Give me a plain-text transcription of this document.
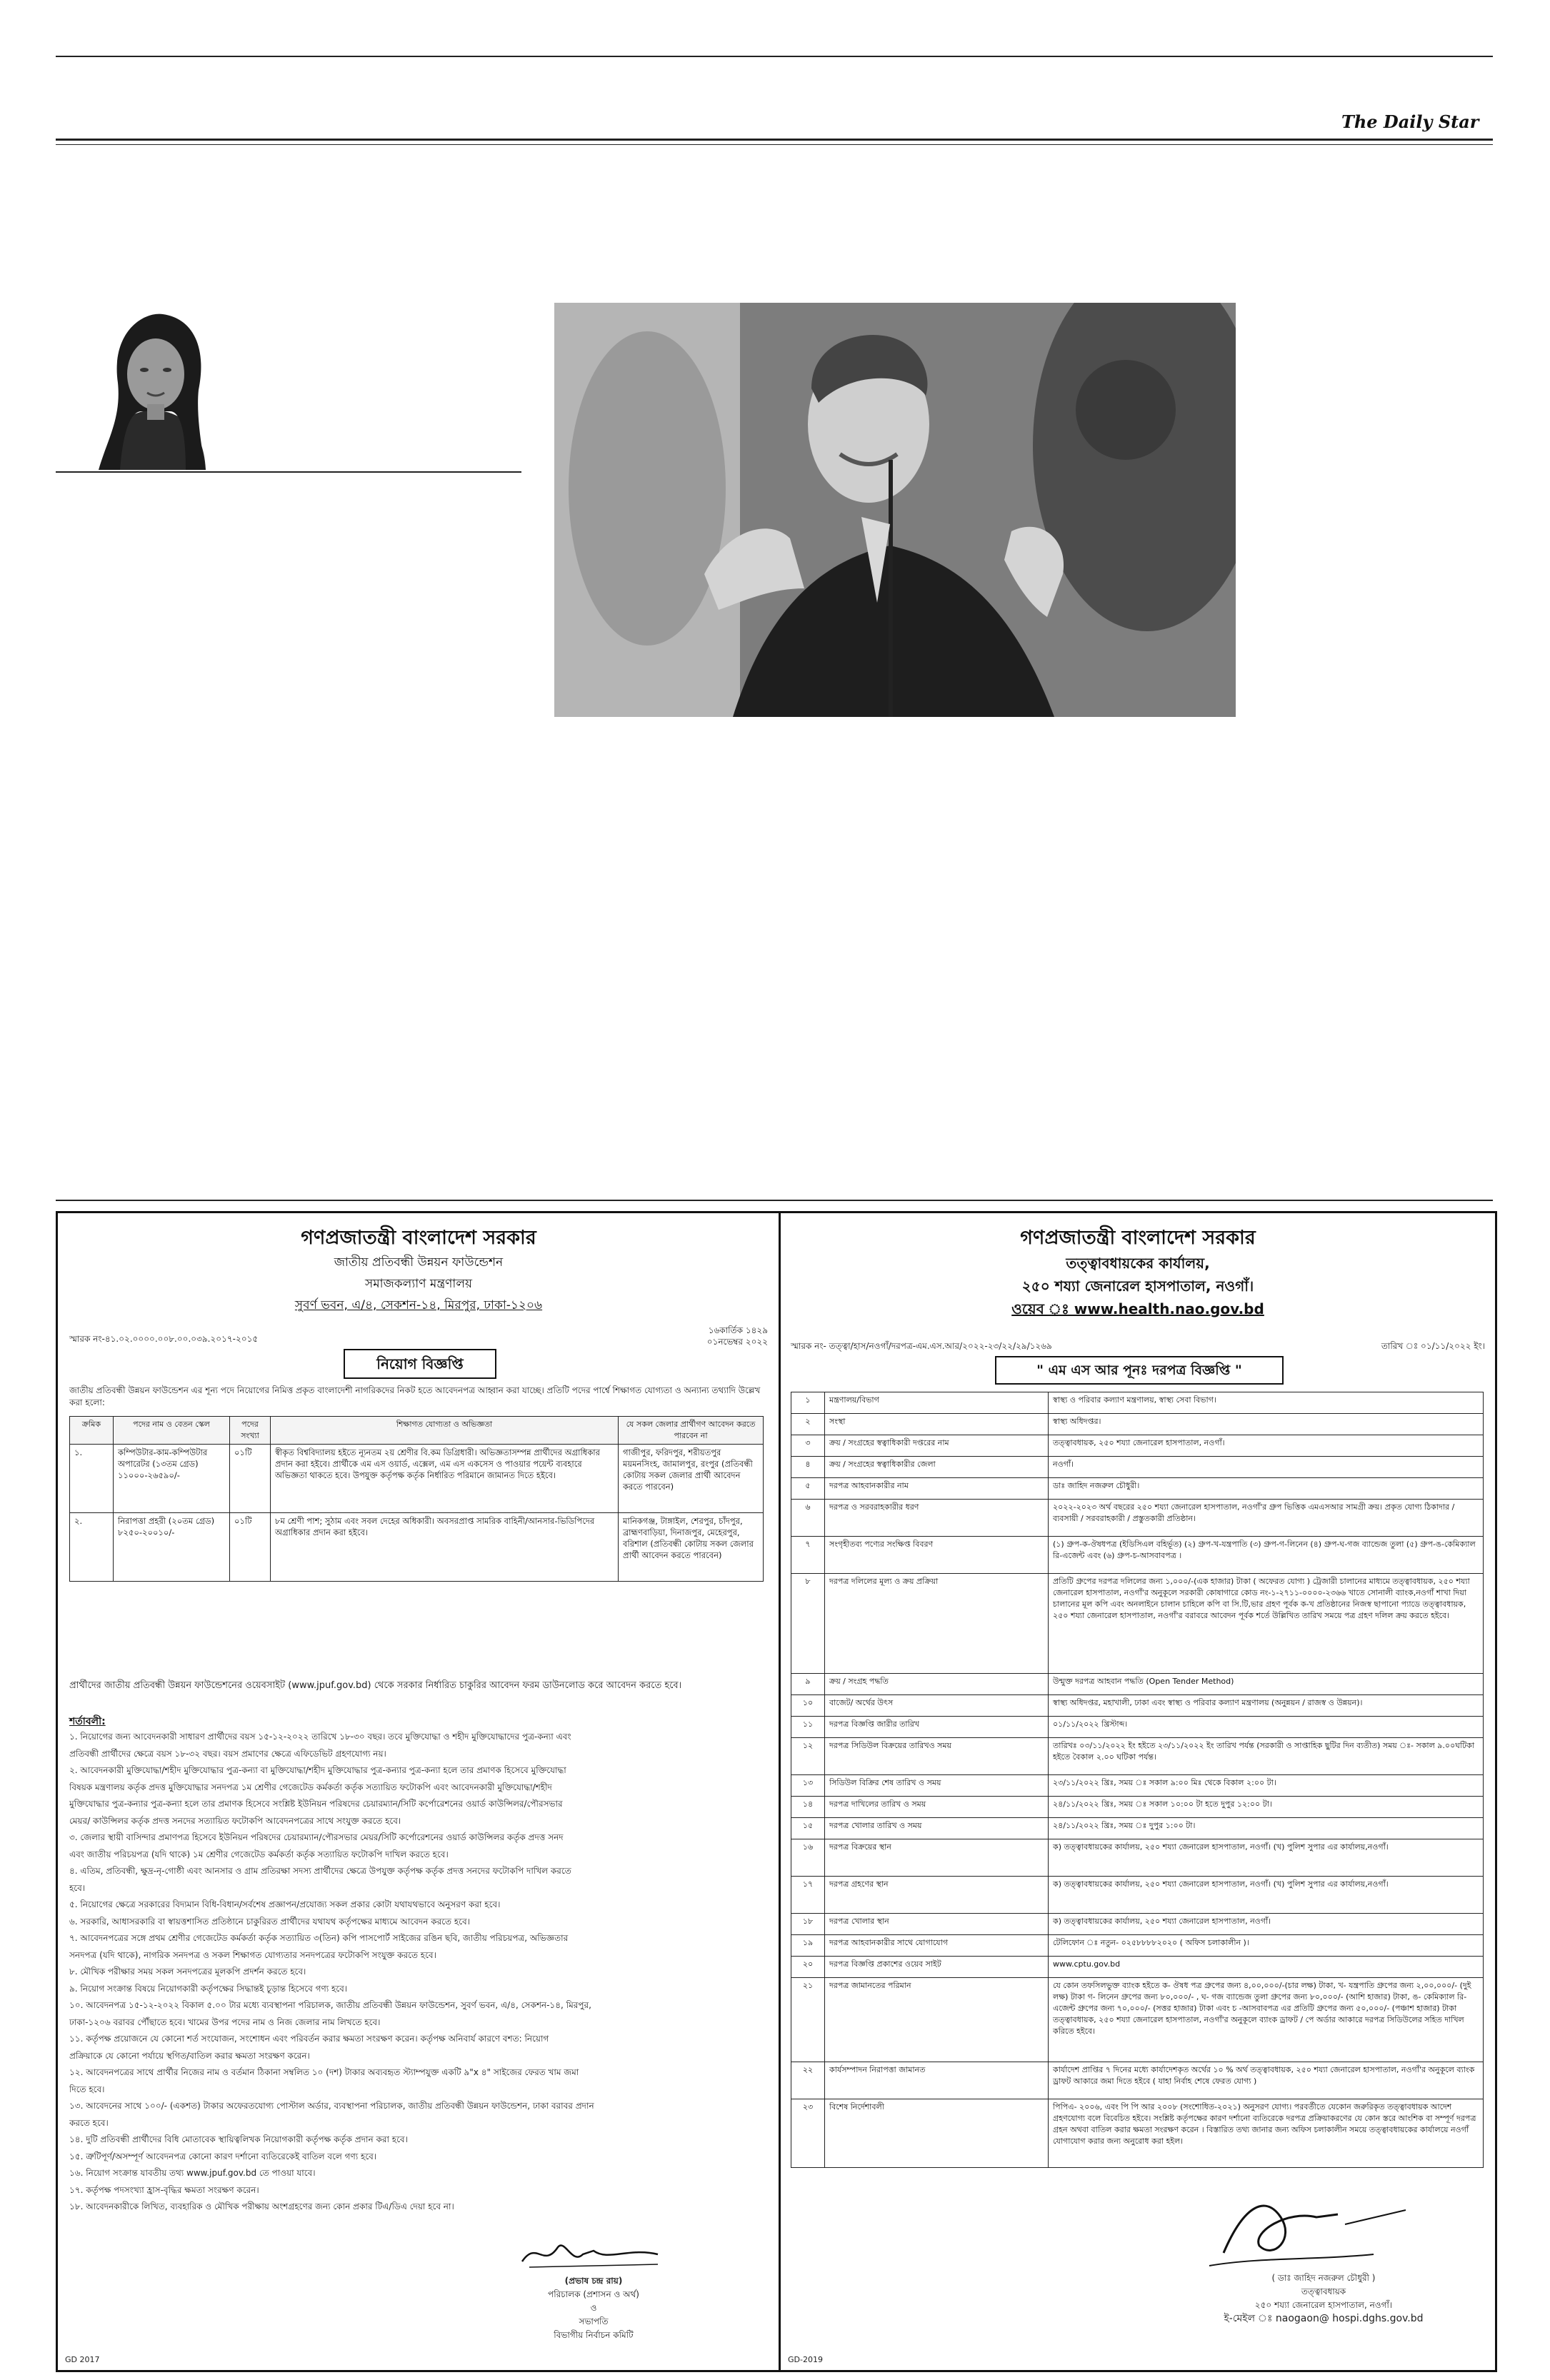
The Daily Star
গণপ্রজাতন্ত্রী বাংলাদেশ সরকার
জাতীয় প্রতিবন্ধী উন্নয়ন ফাউন্ডেশন
সমাজকল্যাণ মন্ত্রণালয়
সুবর্ণ ভবন, এ/৪, সেকশন-১৪, মিরপুর, ঢাকা-১২০৬
স্মারক নং-৪১.০২.০০০০.০০৮.০০.০৩৯.২০১৭-২০১৫
১৬কার্তিক ১৪২৯
০১নভেম্বর ২০২২
নিয়োগ বিজ্ঞপ্তি
জাতীয় প্রতিবন্ধী উন্নয়ন ফাউন্ডেশন এর শূন্য পদে নিয়োগের নিমিত্ত প্রকৃত বাংলাদেশী নাগরিকদের নিকট হতে আবেদনপত্র আহ্বান করা যাচ্ছে। প্রতিটি পদের পার্শ্বে শিক্ষাগত যোগ্যতা ও অন্যান্য তথ্যাদি উল্লেখ করা হলো:
ক্রমিক	পদের নাম ও বেতন স্কেল	পদের সংখ্যা	শিক্ষাগত যোগ্যতা ও অভিজ্ঞতা	যে সকল জেলার প্রার্থীগণ আবেদন করতে পারবেন না
১.	কম্পিউটার-কাম-কম্পিউটার অপারেটর (১৩তম গ্রেড) ১১০০০-২৬৫৯০/-	০১টি	স্বীকৃত বিশ্ববিদ্যালয় হইতে ন্যূনতম ২য় শ্রেণীর বি.কম ডিগ্রিধারী। অভিজ্ঞতাসম্পন্ন প্রার্থীদের অগ্রাধিকার প্রদান করা হইবে। প্রার্থীকে এম এস ওয়ার্ড, এক্সেল, এম এস একসেস ও পাওয়ার পয়েন্ট ব্যবহারে অভিজ্ঞতা থাকতে হবে। উপযুক্ত কর্তৃপক্ষ কর্তৃক নির্ধারিত পরিমানে জামানত দিতে হইবে।	গাজীপুর, ফরিদপুর, শরীয়তপুর ময়মনসিংহ, জামালপুর, রংপুর (প্রতিবন্ধী কোটায় সকল জেলার প্রার্থী আবেদন করতে পারবেন)
২.	নিরাপত্তা প্রহরী (২০তম গ্রেড) ৮২৫০-২০০১০/-	০১টি	৮ম শ্রেণী পাশ; সুঠাম এবং সবল দেহের অধিকারী। অবসরপ্রাপ্ত সামরিক বাহিনী/আনসার-ভিডিপিদের অগ্রাধিকার প্রদান করা হইবে।	মানিকগঞ্জ, টাঙ্গাইল, শেরপুর, চাঁদপুর, ব্রাহ্মণবাড়িয়া, দিনাজপুর, মেহেরপুর, বরিশাল (প্রতিবন্ধী কোটায় সকল জেলার প্রার্থী আবেদন করতে পারবেন)
প্রার্থীদের জাতীয় প্রতিবন্ধী উন্নয়ন ফাউন্ডেশনের ওয়েবসাইট (www.jpuf.gov.bd) থেকে সরকার নির্ধারিত চাকুরির আবেদন ফরম ডাউনলোড করে আবেদন করতে হবে।
শর্তাবলী:
১. নিয়োগের জন্য আবেদনকারী সাধারণ প্রার্থীদের বয়স ১৫-১২-২০২২ তারিখে ১৮-৩০ বছর। তবে মুক্তিযোদ্ধা ও শহীদ মুক্তিযোদ্ধাদের পুত্র-কন্যা এবং
প্রতিবন্ধী প্রার্থীদের ক্ষেত্রে বয়স ১৮-৩২ বছর। বয়স প্রমাণের ক্ষেত্রে এফিডেভিট গ্রহণযোগ্য নয়।
২. আবেদনকারী মুক্তিযোদ্ধা/শহীদ মুক্তিযোদ্ধার পুত্র-কন্যা বা মুক্তিযোদ্ধা/শহীদ মুক্তিযোদ্ধার পুত্র-কন্যার পুত্র-কন্যা হলে তার প্রমাণক হিসেবে মুক্তিযোদ্ধা
বিষয়ক মন্ত্রণালয় কর্তৃক প্রদত্ত মুক্তিযোদ্ধার সনদপত্র ১ম শ্রেণীর গেজেটেড কর্মকর্তা কর্তৃক সত্যায়িত ফটোকপি এবং আবেদনকারী মুক্তিযোদ্ধা/শহীদ
মুক্তিযোদ্ধার পুত্র-কন্যার পুত্র-কন্যা হলে তার প্রমাণক হিসেবে সংশ্লিষ্ট ইউনিয়ন পরিষদের চেয়ারম্যান/সিটি কর্পোরেশনের ওয়ার্ড কাউন্সিলর/পৌরসভার
মেয়র/ কাউন্সিলর কর্তৃক প্রদত্ত সনদের সত্যায়িত ফটোকপি আবেদনপত্রের সাথে সংযুক্ত করতে হবে।
৩. জেলার স্থায়ী বাসিন্দার প্রমাণপত্র হিসেবে ইউনিয়ন পরিষদের চেয়ারম্যান/পৌরসভার মেয়র/সিটি কর্পোরেশনের ওয়ার্ড কাউন্সিলর কর্তৃক প্রদত্ত সনদ
এবং জাতীয় পরিচয়পত্র (যদি থাকে) ১ম শ্রেণীর গেজেটেড কর্মকর্তা কর্তৃক সত্যায়িত ফটোকপি দাখিল করতে হবে।
৪. এতিম, প্রতিবন্ধী, ক্ষুদ্র-নৃ-গোষ্ঠী এবং আনসার ও গ্রাম প্রতিরক্ষা সদস্য প্রার্থীদের ক্ষেত্রে উপযুক্ত কর্তৃপক্ষ কর্তৃক প্রদত্ত সনদের ফটোকপি দাখিল করতে
হবে।
৫. নিয়োগের ক্ষেত্রে সরকারের বিদ্যমান বিধি-বিধান/সর্বশেষ প্রজ্ঞাপন/প্রযোজ্য সকল প্রকার কোটা যথাযথভাবে অনুসরণ করা হবে।
৬. সরকারি, আধাসরকারি বা স্বায়ত্তশাসিত প্রতিষ্ঠানে চাকুরিরত প্রার্থীদের যথাযথ কর্তৃপক্ষের মাধ্যমে আবেদন করতে হবে।
৭. আবেদনপত্রের সঙ্গে প্রথম শ্রেণীর গেজেটেড কর্মকর্তা কর্তৃক সত্যায়িত ৩(তিন) কপি পাসপোর্ট সাইজের রঙিন ছবি, জাতীয় পরিচয়পত্র, অভিজ্ঞতার
সনদপত্র (যদি থাকে), নাগরিক সনদপত্র ও সকল শিক্ষাগত যোগ্যতার সনদপত্রের ফটোকপি সংযুক্ত করতে হবে।
৮. মৌখিক পরীক্ষার সময় সকল সনদপত্রের মূলকপি প্রদর্শন করতে হবে।
৯. নিয়োগ সংক্রান্ত বিষয়ে নিয়োগকারী কর্তৃপক্ষের সিদ্ধান্তই চূড়ান্ত হিসেবে গণ্য হবে।
১০. আবেদনপত্র ১৫-১২-২০২২ বিকাল ৫.০০ টার মধ্যে ব্যবস্থাপনা পরিচালক, জাতীয় প্রতিবন্ধী উন্নয়ন ফাউন্ডেশন, সুবর্ণ ভবন, এ/৪, সেকশন-১৪, মিরপুর,
ঢাকা-১২০৬ বরাবর পৌঁছাতে হবে। খামের উপর পদের নাম ও নিজ জেলার নাম লিখতে হবে।
১১. কর্তৃপক্ষ প্রয়োজনে যে কোনো শর্ত সংযোজন, সংশোধন এবং পরিবর্তন করার ক্ষমতা সংরক্ষণ করেন। কর্তৃপক্ষ অনিবার্য কারণে বশত: নিয়োগ
প্রক্রিয়াকে যে কোনো পর্যায়ে স্থগিত/বাতিল করার ক্ষমতা সংরক্ষণ করেন।
১২. আবেদনপত্রের সাথে প্রার্থীর নিজের নাম ও বর্তমান ঠিকানা সম্বলিত ১০ (দশ) টাকার অব্যবহৃত স্ট্যাম্পযুক্ত একটি ৯"x ৪" সাইজের ফেরত খাম জমা
দিতে হবে।
১৩. আবেদনের সাথে ১০০/- (একশত) টাকার অফেরতযোগ্য পোস্টাল অর্ডার, ব্যবস্থাপনা পরিচালক, জাতীয় প্রতিবন্ধী উন্নয়ন ফাউন্ডেশন, ঢাকা বরাবর প্রদান
করতে হবে।
১৪. দুটি প্রতিবন্ধী প্রার্থীদের বিধি মোতাবেক স্থায়িত্বলিখক নিয়োগকারী কর্তৃপক্ষ কর্তৃক প্রদান করা হবে।
১৫. ত্রুটিপূর্ণ/অসম্পূর্ণ আবেদনপত্র কোনো কারণ দর্শানো ব্যতিরেকেই বাতিল বলে গণ্য হবে।
১৬. নিয়োগ সংক্রান্ত যাবতীয় তথ্য www.jpuf.gov.bd তে পাওয়া যাবে।
১৭. কর্তৃপক্ষ পদসংখ্যা হ্রাস-বৃদ্ধির ক্ষমতা সংরক্ষণ করেন।
১৮. আবেদনকারীকে লিখিত, ব্যবহারিক ও মৌখিক পরীক্ষায় অংশগ্রহণের জন্য কোন প্রকার টিএ/ডিএ দেয়া হবে না।
(প্রভাষ চন্দ্র রায়)
পরিচালক (প্রশাসন ও অর্থ)
ও
সভাপতি
বিভাগীয় নির্বাচন কমিটি
GD 2017
গণপ্রজাতন্ত্রী বাংলাদেশ সরকার
তত্ত্বাবধায়কের কার্যালয়,
২৫০ শয্যা জেনারেল হাসপাতাল, নওগাঁ।
ওয়েব ঃ www.health.nao.gov.bd
স্মারক নং- তত্ত্বা/হাস/নওগাঁ/দরপত্র-এম.এস.আর/২০২২-২৩/২২/২৯/১২৬৯	তারিখ ঃ ০১/১১/২০২২ ইং।
" এম এস আর পূনঃ দরপত্র বিজ্ঞপ্তি "
১	মন্ত্রণালয়/বিভাগ	স্বাস্থ্য ও পরিবার কল্যাণ মন্ত্রণালয়, স্বাস্থ্য সেবা বিভাগ।
২	সংস্থা	স্বাস্থ্য অধিদপ্তর।
৩	ক্রয় / সংগ্রহের স্বত্বাধিকারী দপ্তরের নাম	তত্ত্বাবধায়ক, ২৫০ শয্যা জেনারেল হাসপাতাল, নওগাঁ।
৪	ক্রয় / সংগ্রহের স্বত্বাধিকারীর জেলা	নওগাঁ।
৫	দরপত্র আহবানকারীর নাম	ডাঃ জাহিদ নজরুল চৌধুরী।
৬	দরপত্র ও সরবরাহকারীর ধরণ	২০২২-২০২৩ অর্থ বছরের ২৫০ শয্যা জেনারেল হাসপাতাল, নওগাঁ'র গ্রুপ ভিত্তিক এমএসআর সামগ্রী ক্রয়। প্রকৃত যোগ্য ঠিকাদার / ব্যবসায়ী / সরবরাহকারী / প্রস্তুতকারী প্রতিষ্ঠান।
৭	সংগৃহীতব্য পণ্যের সংক্ষিপ্ত বিবরণ	(১) গ্রুপ-ক-ঔষধপত্র (ইডিসিএল বহির্ভূত) (২) গ্রুপ-খ-যন্ত্রপাতি (৩) গ্রুপ-গ-লিনেন (৪) গ্রুপ-ঘ-গজ ব্যান্ডেজ তুলা (৫) গ্রুপ-ঙ-কেমিক্যাল রি-এজেন্ট এবং (৬) গ্রুপ-চ-আসবাবপত্র ।
৮	দরপত্র দলিলের মূল্য ও ক্রয় প্রক্রিয়া	প্রতিটি গ্রুপের দরপত্র দলিলের জন্য ১,০০০/-(এক হাজার) টাকা ( অফেরত যোগ্য ) ট্রেজারী চালানের মাধ্যমে তত্ত্বাবধায়ক, ২৫০ শয্যা জেনারেল হাসপাতাল, নওগাঁ'র অনুকূলে সরকারী কোষাগারে কোড নং-১-২৭১১-০০০০-২৩৬৬ খাতে সোনালী ব্যাংক,নওগাঁ শাখা দিয়া চালানের মূল কপি এবং অনলাইনে চালান চাহিলে কপি বা সি.টি,ভার গ্রহণ পূর্বক ক-খ প্রতিষ্ঠানের নিজস্ব ছাপানো প্যাডে তত্ত্বাবধায়ক, ২৫০ শয্যা জেনারেল হাসপাতাল, নওগাঁ'র বরাবরে আবেদন পূর্বক শর্তে উল্লিখিত তারিখ সময়ে পত্র গ্রহণ দলিল ক্রয় করতে হইবে।
৯	ক্রয় / সংগ্রহ পদ্ধতি	উন্মুক্ত দরপত্র আহবান পদ্ধতি (Open Tender Method)
১০	বাজেট/ অর্থের উৎস	স্বাস্থ্য অধিদপ্তর, মহাখালী, ঢাকা এবং স্বাস্থ্য ও পরিবার কল্যাণ মন্ত্রণালয় (অনুন্নয়ন / রাজস্ব ও উন্নয়ন)।
১১	দরপত্র বিজ্ঞপ্তি জারীর তারিখ	০১/১১/২০২২ খ্রিস্টাব্দ।
১২	দরপত্র সিডিউল বিক্রয়ের তারিখও সময়	তারিখঃ ০৩/১১/২০২২ ইং হইতে ২৩/১১/২০২২ ইং তারিখ পর্যন্ত (সরকারী ও সাপ্তাহিক ছুটির দিন ব্যতীত) সময় ঃ- সকাল ৯.০০ঘটিকা হইতে বৈকাল ২.০০ ঘটিকা পর্যন্ত।
১৩	সিডিউল বিক্রির শেষ তারিখ ও সময়	২৩/১১/২০২২ খ্রিঃ, সময় ঃ সকাল ৯:০০ মিঃ থেকে বিকাল ২:০০ টা।
১৪	দরপত্র দাখিলের তারিখ ও সময়	২৪/১১/২০২২ খ্রিঃ, সময় ঃ সকাল ১০:০০ টা হতে দুপুর ১২:০০ টা।
১৫	দরপত্র খোলার তারিখ ও সময়	২৪/১১/২০২২ খ্রিঃ, সময় ঃ দুপুর ১:০০ টা।
১৬	দরপত্র বিক্রয়ের স্থান	ক) তত্ত্বাবধায়কের কার্যালয়, ২৫০ শয্যা জেনারেল হাসপাতাল, নওগাঁ। (খ) পুলিশ সুপার এর কার্যালয়,নওগাঁ।
১৭	দরপত্র গ্রহণের স্থান	ক) তত্ত্বাবধায়কের কার্যালয়, ২৫০ শয্যা জেনারেল হাসপাতাল, নওগাঁ। (খ) পুলিশ সুপার এর কার্যালয়,নওগাঁ।
১৮	দরপত্র খোলার স্থান	ক) তত্ত্বাবধায়কের কার্যালয়, ২৫০ শয্যা জেনারেল হাসপাতাল, নওগাঁ।
১৯	দরপত্র আহবানকারীর সাথে যোগাযোগ	টেলিফোন ঃ নতুন- ০২৫৮৮৮৮২০২০ ( অফিস চলাকালীন )।
২০	দরপত্র বিজ্ঞপ্তি প্রকাশের ওয়েব সাইট	www.cptu.gov.bd
২১	দরপত্র জামানতের পরিমান	যে কোন তফসিলভুক্ত ব্যাংক হইতে ক- ঔষধ পত্র গ্রুপের জন্য ৪,০০,০০০/-(চার লক্ষ) টাকা, খ- যন্ত্রপাতি গ্রুপের জন্য ২,০০,০০০/- (দুই লক্ষ) টাকা গ- লিনেন গ্রুপের জন্য ৮০,০০০/- , ঘ- গজ ব্যান্ডেজ তুলা গ্রুপের জন্য ৮০,০০০/- (আশি হাজার) টাকা, ঙ- কেমিক্যাল রি-এজেন্ট গ্রুপের জন্য ৭০,০০০/- (সত্তর হাজার) টাকা এবং চ -আসবাবপত্র এর প্রতিটি গ্রুপের জন্য ৫০,০০০/- (পঞ্চাশ হাজার) টাকা তত্ত্বাবধায়ক, ২৫০ শয্যা জেনারেল হাসপাতাল, নওগাঁ'র অনুকূলে ব্যাংক ড্রাফট / পে অর্ডার আকারে দরপত্র সিডিউলের সহিত দাখিল করিতে হইবে।
২২	কার্যসম্পাদন নিরাপত্তা জামানত	কার্যাদেশ প্রাপ্তির ৭ দিনের মধ্যে কার্যাদেশকৃত অর্থের ১০ % অর্থ তত্ত্বাবধায়ক, ২৫০ শয্যা জেনারেল হাসপাতাল, নওগাঁ'র অনুকূলে ব্যাংক ড্রাফট আকারে জমা দিতে হইবে ( যাহা নির্বাহ শেষে ফেরত যোগ্য )
২৩	বিশেষ নির্দেশাবলী	পিপিএ- ২০০৬, এবং পি পি আর ২০০৮ (সংশোধিত-২০২১) অনুসরণ যোগ্য। পরবর্তীতে যেকোন জরুরিকৃত তত্ত্বাবধায়ক আদেশ গ্রহণযোগ্য বলে বিবেচিত হইবে। সংশ্লিষ্ট কর্তৃপক্ষের কারণ দর্শানো ব্যতিরেকে দরপত্র প্রক্রিয়াকরণের যে কোন স্তরে আংশিক বা সম্পূর্ণ দরপত্র গ্রহন অথবা বাতিল করার ক্ষমতা সংরক্ষণ করেন । বিস্তারিত তথ্য জানার জন্য অফিস চলাকালীন সময়ে তত্ত্বাবধায়কের কার্যালয়ে নওগাঁ যোগাযোগ করার জন্য অনুরোধ করা হইল।
( ডাঃ জাহিদ নজরুল চৌধুরী )
তত্ত্বাবধায়ক
২৫০ শয্যা জেনারেল হাসপাতাল, নওগাঁ।
ই-মেইল ঃ naogaon@ hospi.dghs.gov.bd
GD-2019
